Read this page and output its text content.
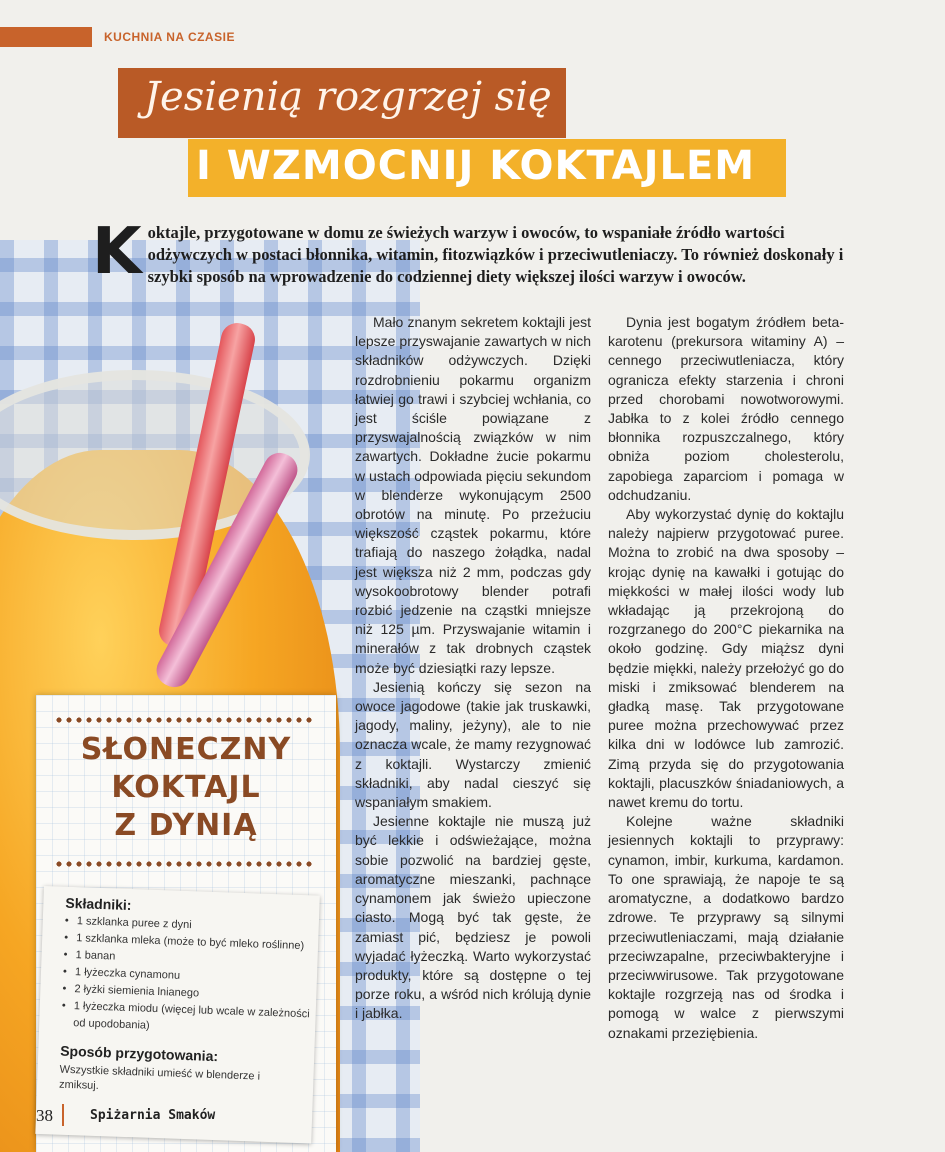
KUCHNIA NA CZASIE
Jesienią rozgrzej się
I WZMOCNIJ KOKTAJLEM
Koktajle, przygotowane w domu ze świeżych warzyw i owoców, to wspaniałe źródło wartości odżywczych w postaci błonnika, witamin, fitozwiązków i przeciwutleniaczy. To również doskonały i szybki sposób na wprowadzenie do codziennej diety większej ilości warzyw i owoców.

Mało znanym sekretem koktajli jest lepsze przyswajanie zawartych w nich składników odżywczych. Dzięki rozdrobnieniu pokarmu organizm łatwiej go trawi i szybciej wchłania, co jest ściśle powiązane z przyswajalnością związków w nim zawartych. Dokładne żucie pokarmu w ustach odpowiada pięciu sekundom w blenderze wykonującym 2500 obrotów na minutę. Po przeżuciu większość cząstek pokarmu, które trafiają do naszego żołądka, nadal jest większa niż 2 mm, podczas gdy wysokoobrotowy blender potrafi rozbić jedzenie na cząstki mniejsze niż 125 µm. Przyswajanie witamin i minerałów z tak drobnych cząstek może być dziesiątki razy lepsze.

Jesienią kończy się sezon na owoce jagodowe (takie jak truskawki, jagody, maliny, jeżyny), ale to nie oznacza wcale, że mamy rezygnować z koktajli. Wystarczy zmienić składniki, aby nadal cieszyć się wspaniałym smakiem.

Jesienne koktajle nie muszą już być lekkie i odświeżające, można sobie pozwolić na bardziej gęste, aromatyczne mieszanki, pachnące cynamonem jak świeżo upieczone ciasto. Mogą być tak gęste, że zamiast pić, będziesz je powoli wyjadać łyżeczką. Warto wykorzystać produkty, które są dostępne o tej porze roku, a wśród nich królują dynie i jabłka.

Dynia jest bogatym źródłem beta-karotenu (prekursora witaminy A) – cennego przeciwutleniacza, który ogranicza efekty starzenia i chroni przed chorobami nowotworowymi. Jabłka to z kolei źródło cennego błonnika rozpuszczalnego, który obniża poziom cholesterolu, zapobiega zaparciom i pomaga w odchudzaniu.

Aby wykorzystać dynię do koktajlu należy najpierw przygotować puree. Można to zrobić na dwa sposoby – krojąc dynię na kawałki i gotując do miękkości w małej ilości wody lub wkładając ją przekrojoną do rozgrzanego do 200°C piekarnika na około godzinę. Gdy miąższ dyni będzie miękki, należy przełożyć go do miski i zmiksować blenderem na gładką masę. Tak przygotowane puree można przechowywać przez kilka dni w lodówce lub zamrozić. Zimą przyda się do przygotowania koktajli, placuszków śniadaniowych, a nawet kremu do tortu.

Kolejne ważne składniki jesiennych koktajli to przyprawy: cynamon, imbir, kurkuma, kardamon. To one sprawiają, że napoje te są aromatyczne, a dodatkowo bardzo zdrowe. Te przyprawy są silnymi przeciwutleniaczami, mają działanie przeciwzapalne, przeciwbakteryjne i przeciwwirusowe. Tak przygotowane koktajle rozgrzeją nas od środka i pomogą w walce z pierwszymi oznakami przeziębienia.

SŁONECZNY
KOKTAJL
Z DYNIĄ
Składniki:
• 1 szklanka puree z dyni
• 1 szklanka mleka (może to być mleko roślinne)
• 1 banan
• 1 łyżeczka cynamonu
• 2 łyżki siemienia lnianego
• 1 łyżeczka miodu (więcej lub wcale w zależności od upodobania)
Sposób przygotowania:
Wszystkie składniki umieść w blenderze i zmiksuj.
38	Spiżarnia Smaków
